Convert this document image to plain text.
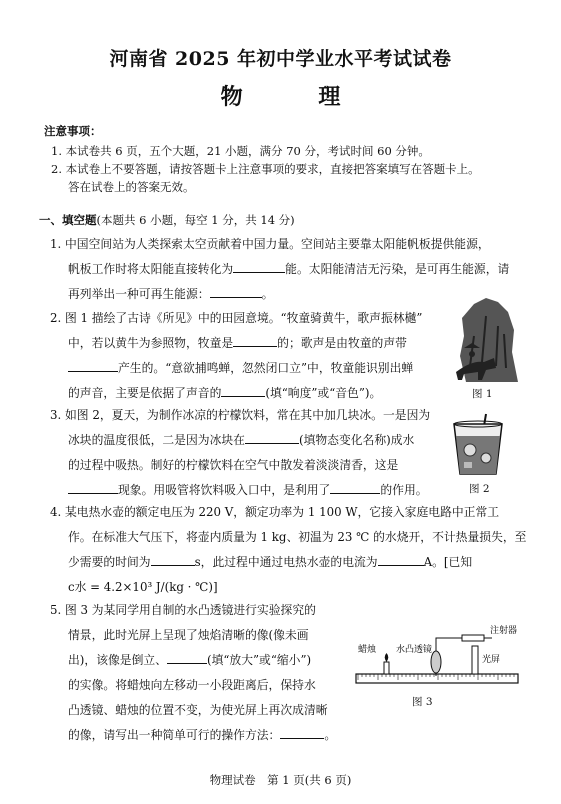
河南省 2025 年初中学业水平考试试卷
物 理
注意事项：
1. 本试卷共 6 页，五个大题，21 小题，满分 70 分，考试时间 60 分钟。
2. 本试卷上不要答题，请按答题卡上注意事项的要求，直接把答案填写在答题卡上。
答在试卷上的答案无效。
一、填空题(本题共 6 小题，每空 1 分，共 14 分)
1. 中国空间站为人类探索太空贡献着中国力量。空间站主要靠太阳能帆板提供能源，
帆板工作时将太阳能直接转化为	能。太阳能清洁无污染，是可再生能源，请
再列举出一种可再生能源：	。
2. 图 1 描绘了古诗《所见》中的田园意境。“牧童骑黄牛，歌声振林樾”
中，若以黄牛为参照物，牧童是	的；歌声是由牧童的声带
产生的。“意欲捕鸣蝉，忽然闭口立”中，牧童能识别出蝉
的声音，主要是依据了声音的	(填“响度”或“音色”)。	图 1
3. 如图 2，夏天，为制作冰凉的柠檬饮料，常在其中加几块冰。一是因为
冰块的温度很低，二是因为冰块在	(填物态变化名称)成水
的过程中吸热。制好的柠檬饮料在空气中散发着淡淡清香，这是
现象。用吸管将饮料吸入口中，是利用了	的作用。	图 2
4. 某电热水壶的额定电压为 220 V，额定功率为 1 100 W，它接入家庭电路中正常工
作。在标准大气压下，将壶内质量为 1 kg、初温为 23 ℃ 的水烧开，不计热量损失，至
少需要的时间为	s，此过程中通过电热水壶的电流为	A。[已知
c水 = 4.2×10³ J/(kg · ℃)]
5. 图 3 为某同学用自制的水凸透镜进行实验探究的
情景，此时光屏上呈现了烛焰清晰的像(像未画
出)，该像是倒立、	(填“放大”或“缩小”)
的实像。将蜡烛向左移动一小段距离后，保持水
凸透镜、蜡烛的位置不变，为使光屏上再次成清晰
的像，请写出一种简单可行的操作方法：	。
蜡烛 水凸透镜
注射器
光屏
图 3
物理试卷　第 1 页(共 6 页)
